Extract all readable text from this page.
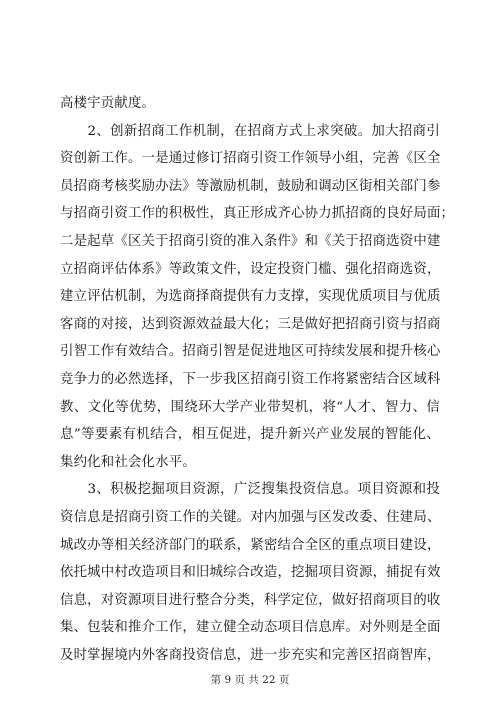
高楼宇贡献度。
　　2、创新招商工作机制，在招商方式上求突破。加大招商引
资创新工作。一是通过修订招商引资工作领导小组，完善《区全
员招商考核奖励办法》等激励机制，鼓励和调动区街相关部门参
与招商引资工作的积极性，真正形成齐心协力抓招商的良好局面；
二是起草《区关于招商引资的准入条件》和《关于招商选资中建
立招商评估体系》等政策文件，设定投资门槛、强化招商选资，
建立评估机制，为选商择商提供有力支撑，实现优质项目与优质
客商的对接，达到资源效益最大化；三是做好把招商引资与招商
引智工作有效结合。招商引智是促进地区可持续发展和提升核心
竞争力的必然选择，下一步我区招商引资工作将紧密结合区域科
教、文化等优势，围绕环大学产业带契机，将“人才、智力、信
息”等要素有机结合，相互促进，提升新兴产业发展的智能化、
集约化和社会化水平。
　　3、积极挖掘项目资源，广泛搜集投资信息。项目资源和投
资信息是招商引资工作的关键。对内加强与区发改委、住建局、
城改办等相关经济部门的联系，紧密结合全区的重点项目建设，
依托城中村改造项目和旧城综合改造，挖掘项目资源，捕捉有效
信息，对资源项目进行整合分类，科学定位，做好招商项目的收
集、包装和推介工作，建立健全动态项目信息库。对外则是全面
及时掌握境内外客商投资信息，进一步充实和完善区招商智库，
第 9 页 共 22 页
